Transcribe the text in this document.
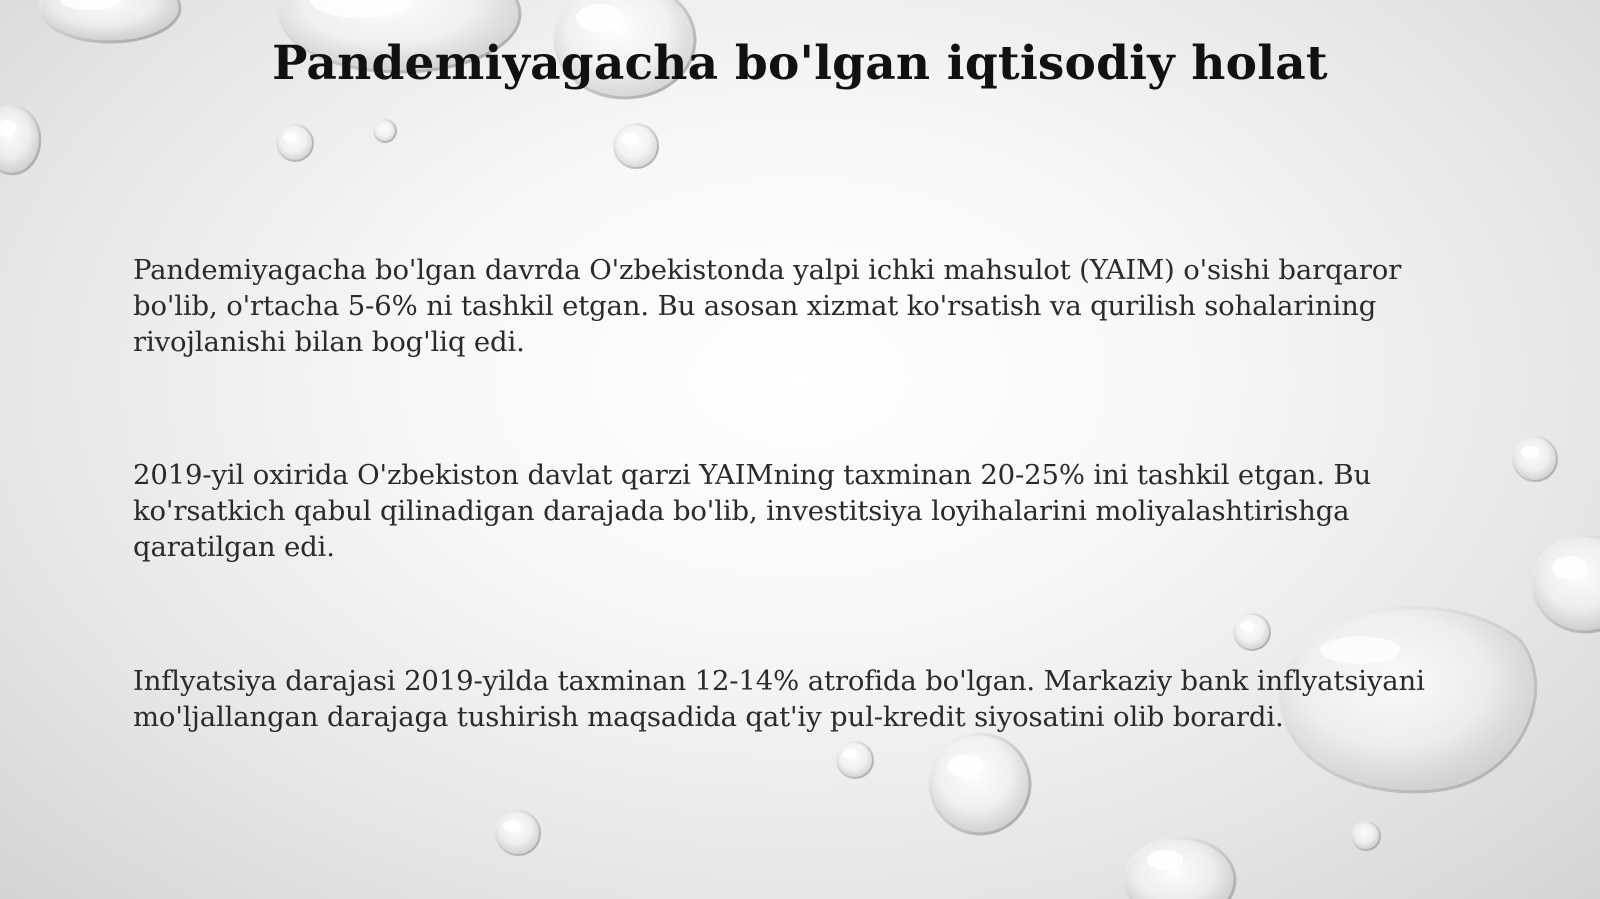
Pandemiyagacha bo'lgan iqtisodiy holat

Pandemiyagacha bo'lgan davrda O'zbekistonda yalpi ichki mahsulot (YAIM) o'sishi barqaror bo'lib, o'rtacha 5-6% ni tashkil etgan. Bu asosan xizmat ko'rsatish va qurilish sohalarining rivojlanishi bilan bog'liq edi.

2019-yil oxirida O'zbekiston davlat qarzi YAIMning taxminan 20-25% ini tashkil etgan. Bu ko'rsatkich qabul qilinadigan darajada bo'lib, investitsiya loyihalarini moliyalashtirishga qaratilgan edi.

Inflyatsiya darajasi 2019-yilda taxminan 12-14% atrofida bo'lgan. Markaziy bank inflyatsiyani mo'ljallangan darajaga tushirish maqsadida qat'iy pul-kredit siyosatini olib borardi.
